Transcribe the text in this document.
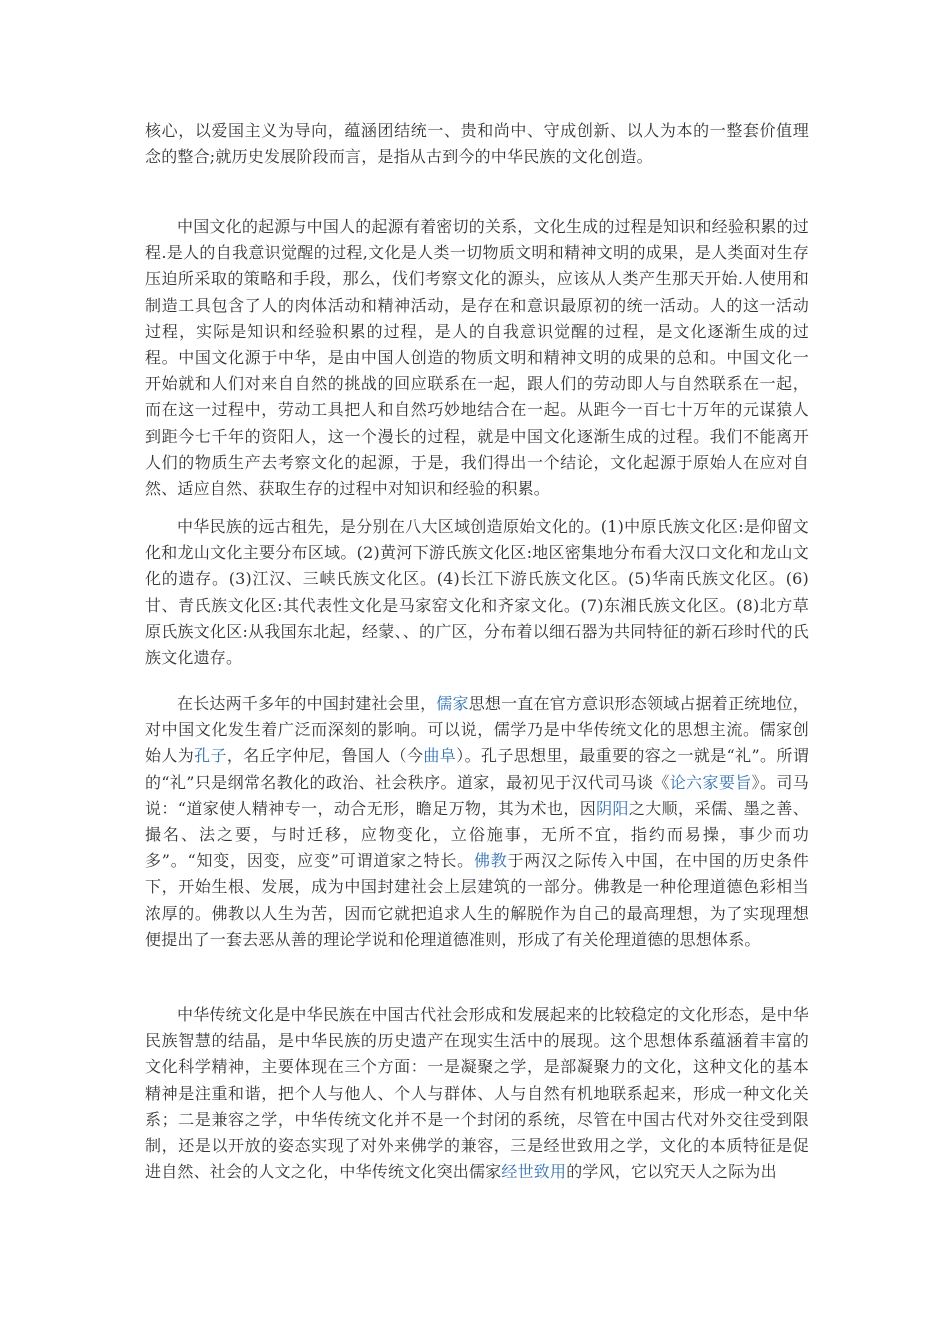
核心，以爱国主义为导向，蕴涵团结统一、贵和尚中、守成创新、以人为本的一整套价值理念的整合;就历史发展阶段而言，是指从古到今的中华民族的文化创造。

中国文化的起源与中国人的起源有着密切的关系，文化生成的过程是知识和经验积累的过程.是人的自我意识觉醒的过程,文化是人类一切物质文明和精神文明的成果，是人类面对生存压迫所采取的策略和手段，那么，伐们考察文化的源头，应该从人类产生那天开始.人使用和制造工具包含了人的肉体活动和精神活动，是存在和意识最原初的统一活动。人的这一活动过程，实际是知识和经验积累的过程，是人的自我意识觉醒的过程，是文化逐渐生成的过程。中国文化源于中华，是由中国人创造的物质文明和精神文明的成果的总和。中国文化一开始就和人们对来自自然的挑战的回应联系在一起，跟人们的劳动即人与自然联系在一起，而在这一过程中，劳动工具把人和自然巧妙地结合在一起。从距今一百七十万年的元谋猿人到距今七千年的资阳人，这一个漫长的过程，就是中国文化逐渐生成的过程。我们不能离开人们的物质生产去考察文化的起源，于是，我们得出一个结论，文化起源于原始人在应对自然、适应自然、获取生存的过程中对知识和经验的积累。

中华民族的远古租先，是分别在八大区域创造原始文化的。(1)中原氏族文化区:是仰留文化和龙山文化主要分布区域。(2)黄河下游氏族文化区:地区密集地分布看大汉口文化和龙山文化的遗存。(3)江汉、三峡氏族文化区。(4)长江下游氏族文化区。(5)华南氏族文化区。(6)甘、青氏族文化区:其代表性文化是马家窑文化和齐家文化。(7)东湘氏族文化区。(8)北方草原氏族文化区:从我国东北起，经蒙、、的广区，分布着以细石器为共同特征的新石珍时代的氏族文化遗存。

在长达两千多年的中国封建社会里，儒家思想一直在官方意识形态领域占据着正统地位，对中国文化发生着广泛而深刻的影响。可以说，儒学乃是中华传统文化的思想主流。儒家创始人为孔子，名丘字仲尼，鲁国人（今曲阜）。孔子思想里，最重要的容之一就是“礼”。所谓的“礼”只是纲常名教化的政治、社会秩序。道家，最初见于汉代司马谈《论六家要旨》。司马说：“道家使人精神专一，动合无形，瞻足万物，其为术也，因阴阳之大顺，采儒、墨之善、撮名、法之要，与时迁移，应物变化，立俗施事，无所不宜，指约而易操，事少而功多”。“知变，因变，应变”可谓道家之特长。佛教于两汉之际传入中国，在中国的历史条件下，开始生根、发展，成为中国封建社会上层建筑的一部分。佛教是一种伦理道德色彩相当浓厚的。佛教以人生为苦，因而它就把追求人生的解脱作为自己的最高理想，为了实现理想便提出了一套去恶从善的理论学说和伦理道德准则，形成了有关伦理道德的思想体系。

中华传统文化是中华民族在中国古代社会形成和发展起来的比较稳定的文化形态，是中华民族智慧的结晶，是中华民族的历史遗产在现实生活中的展现。这个思想体系蕴涵着丰富的文化科学精神，主要体现在三个方面：一是凝聚之学，是部凝聚力的文化，这种文化的基本精神是注重和谐，把个人与他人、个人与群体、人与自然有机地联系起来，形成一种文化关系；二是兼容之学，中华传统文化并不是一个封闭的系统，尽管在中国古代对外交往受到限制，还是以开放的姿态实现了对外来佛学的兼容，三是经世致用之学，文化的本质特征是促进自然、社会的人文之化，中华传统文化突出儒家经世致用的学风，它以究天人之际为出
